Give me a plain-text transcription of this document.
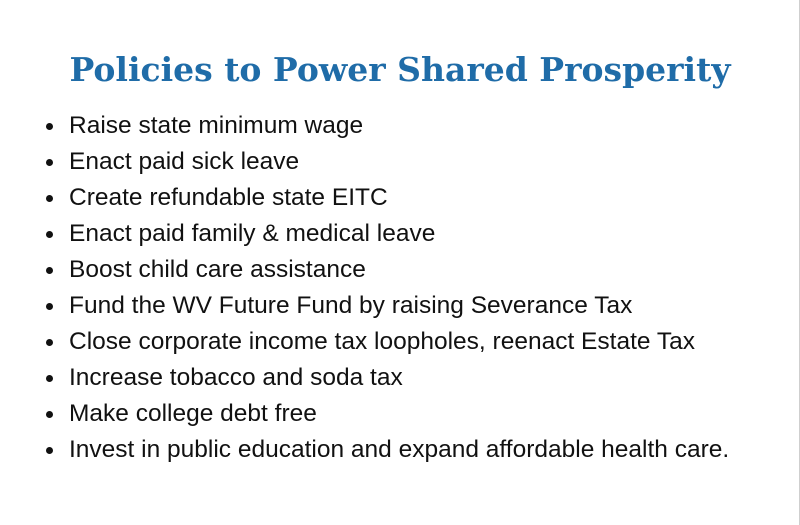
Policies to Power Shared Prosperity
Raise state minimum wage
Enact paid sick leave
Create refundable state EITC
Enact paid family & medical leave
Boost child care assistance
Fund the WV Future Fund by raising Severance Tax
Close corporate income tax loopholes, reenact Estate Tax
Increase tobacco and soda tax
Make college debt free
Invest in public education and expand affordable health care.
